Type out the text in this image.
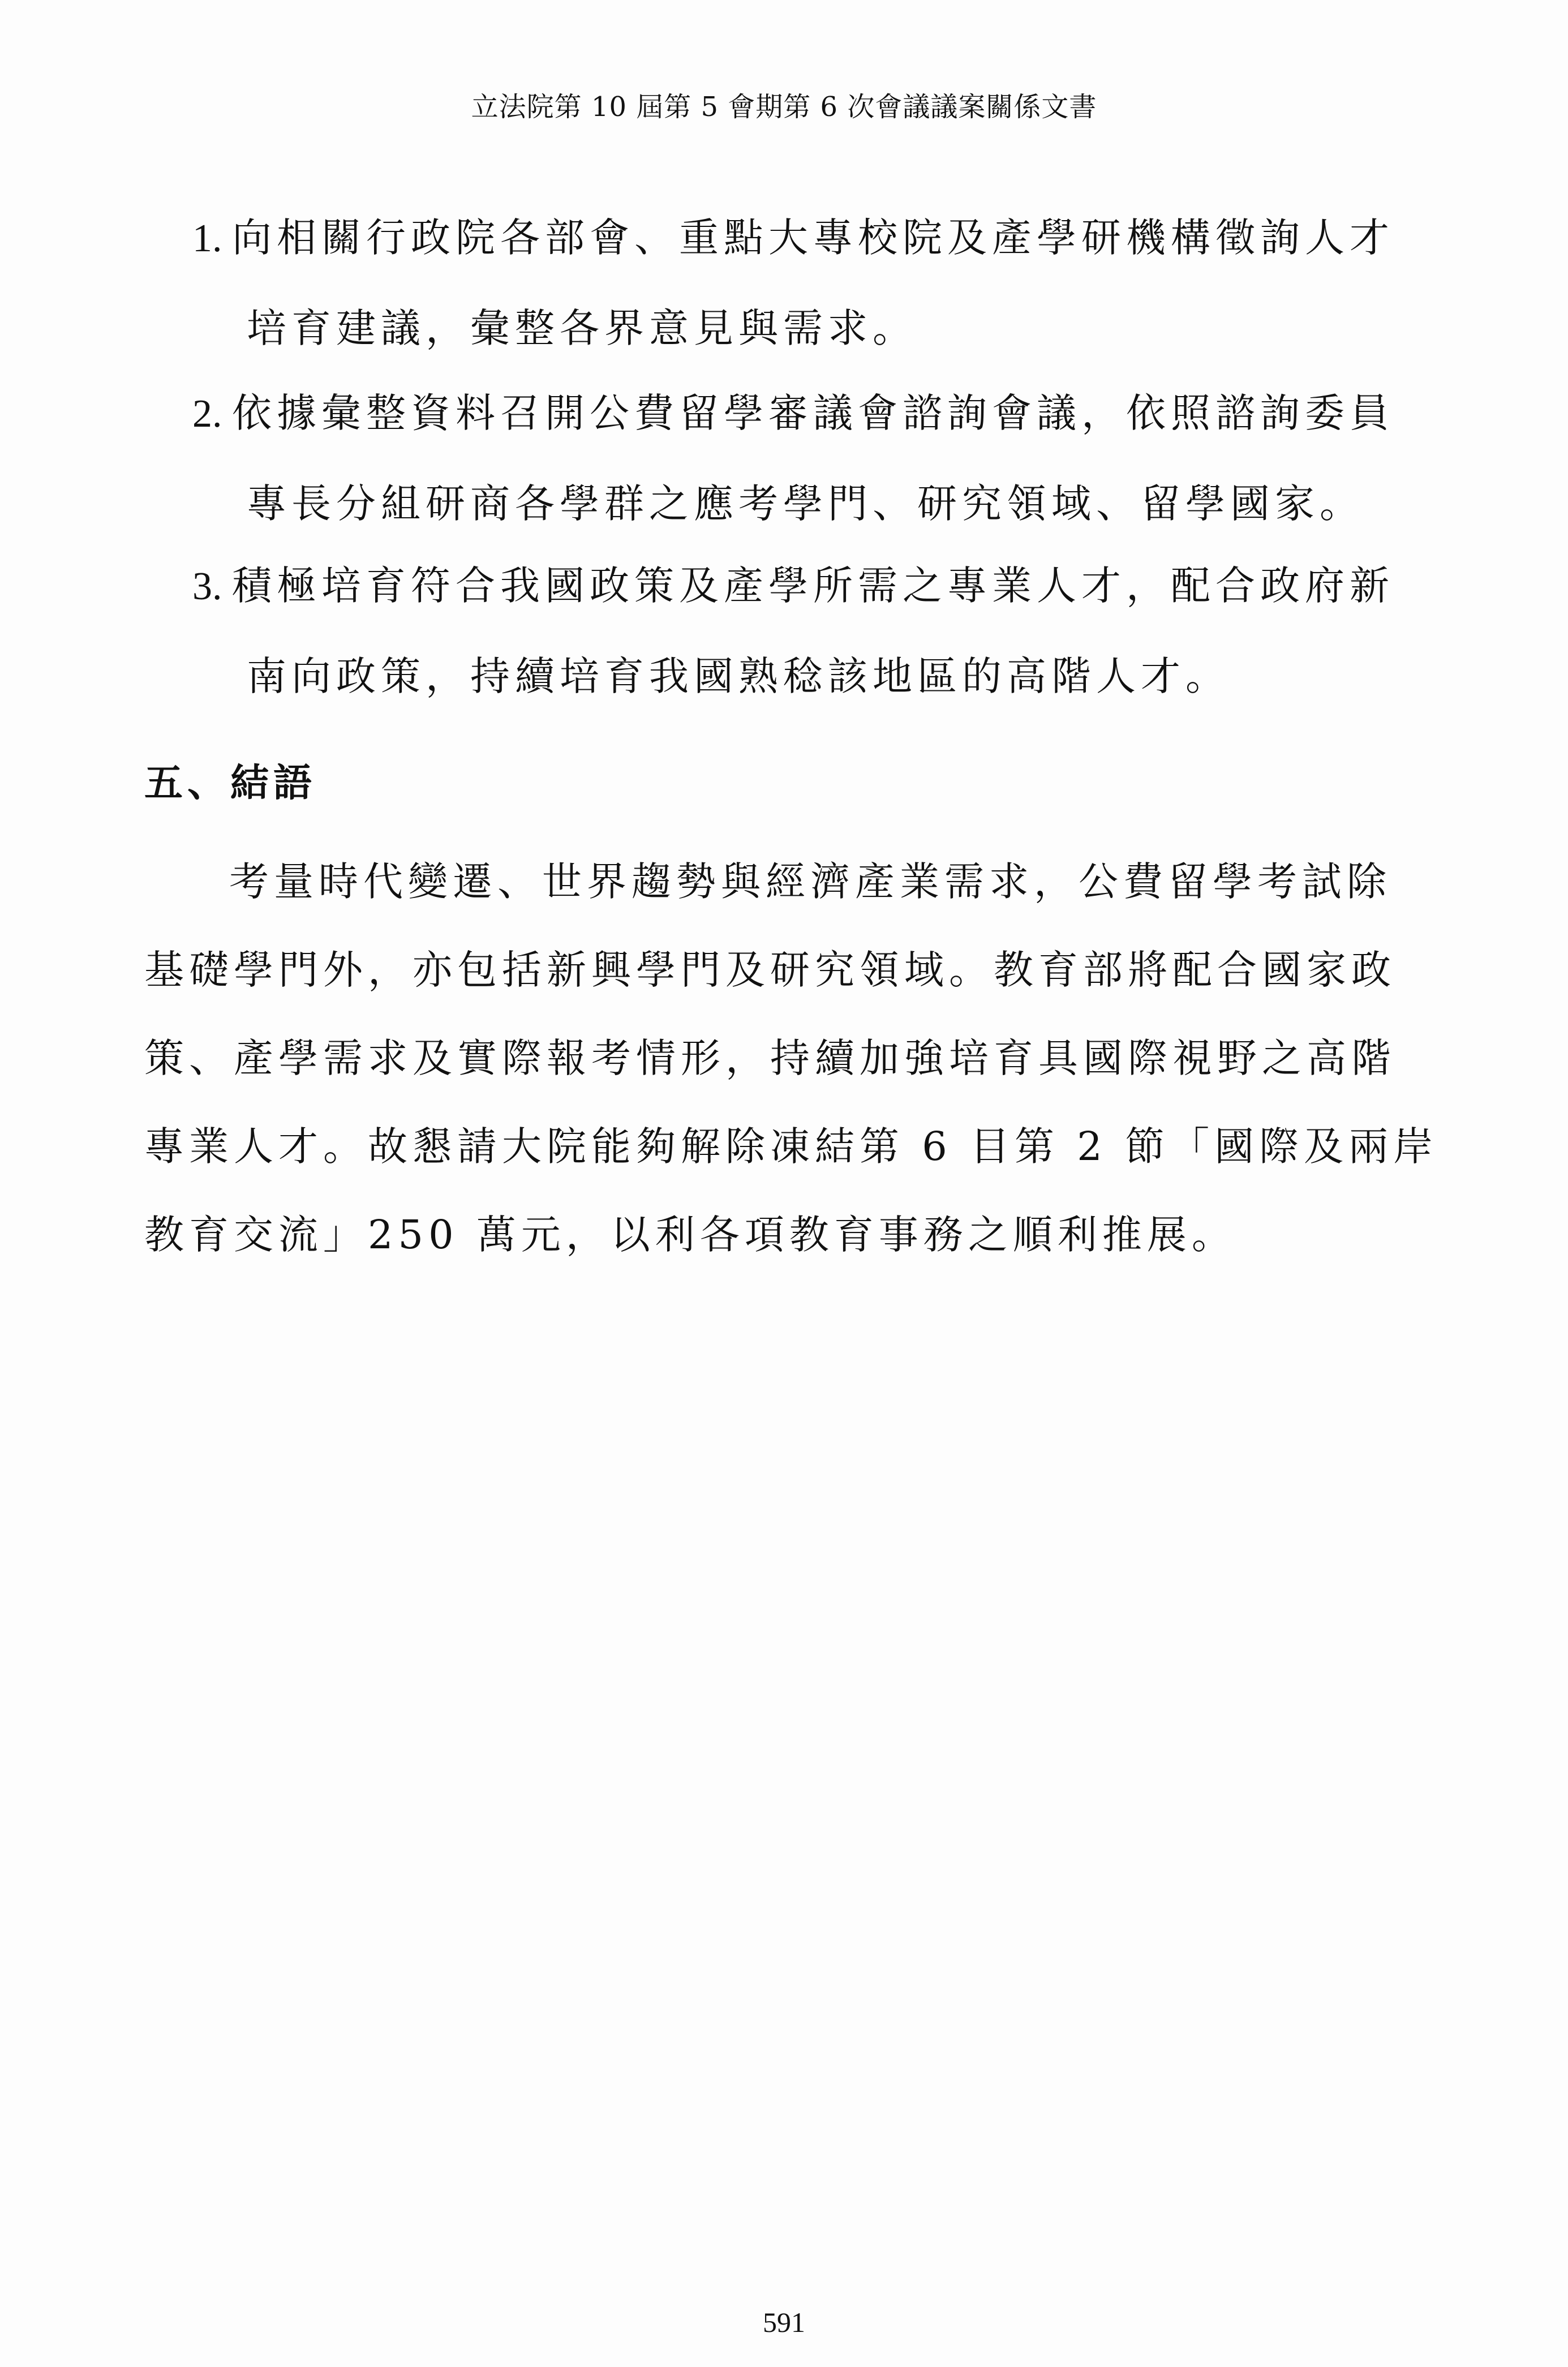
立法院第 10 屆第 5 會期第 6 次會議議案關係文書
1. 向相關行政院各部會、重點大專校院及產學研機構徵詢人才
培育建議，彙整各界意見與需求。
2. 依據彙整資料召開公費留學審議會諮詢會議，依照諮詢委員
專長分組研商各學群之應考學門、研究領域、留學國家。
3. 積極培育符合我國政策及產學所需之專業人才，配合政府新
南向政策，持續培育我國熟稔該地區的高階人才。
五、結語
考量時代變遷、世界趨勢與經濟產業需求，公費留學考試除
基礎學門外，亦包括新興學門及研究領域。教育部將配合國家政
策、產學需求及實際報考情形，持續加強培育具國際視野之高階
專業人才。故懇請大院能夠解除凍結第 6 目第 2 節「國際及兩岸
教育交流」250 萬元，以利各項教育事務之順利推展。
591
